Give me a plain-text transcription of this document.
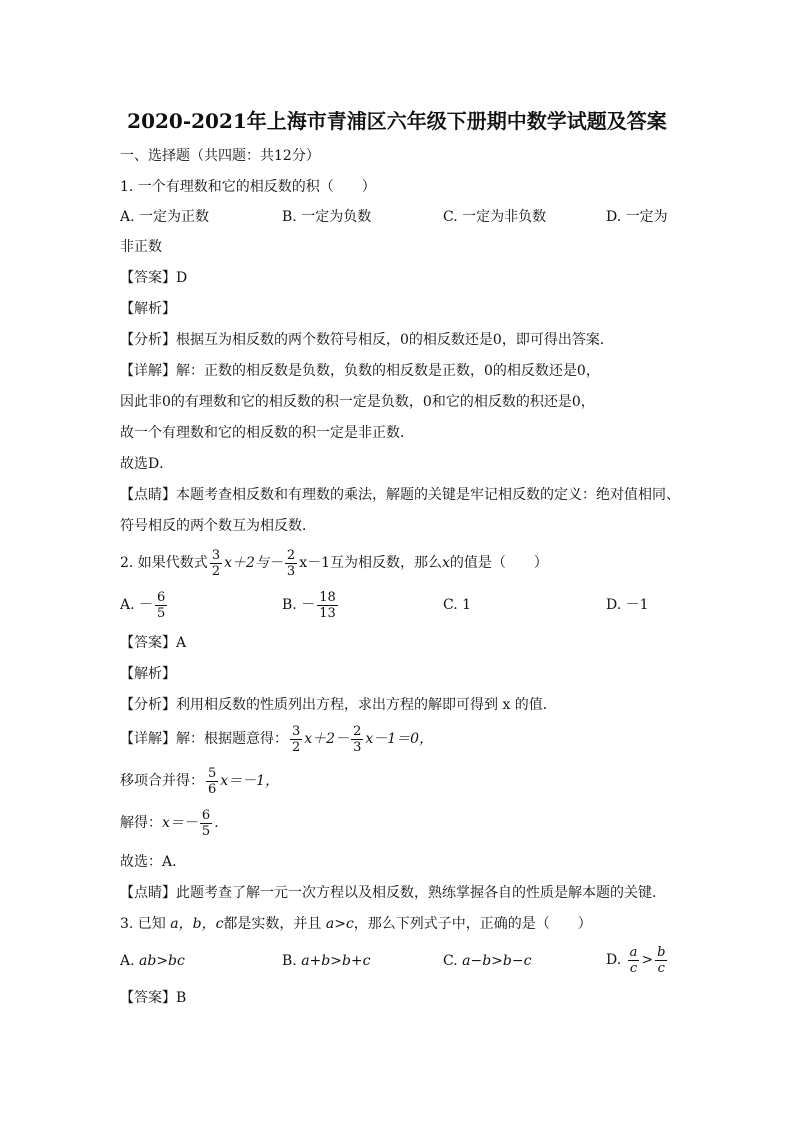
2020-2021年上海市青浦区六年级下册期中数学试题及答案
一、选择题（共四题：共12分）
1. 一个有理数和它的相反数的积（　　）
A. 一定为正数	B. 一定为负数	C. 一定为非负数	D. 一定为
非正数
【答案】D
【解析】
【分析】根据互为相反数的两个数符号相反，0的相反数还是0，即可得出答案．
【详解】解：正数的相反数是负数，负数的相反数是正数，0的相反数还是0，
因此非0的有理数和它的相反数的积一定是负数，0和它的相反数的积还是0，
故一个有理数和它的相反数的积一定是非正数．
故选D．
【点睛】本题考查相反数和有理数的乘法，解题的关键是牢记相反数的定义：绝对值相同、
符号相反的两个数互为相反数．
2. 如果代数式 $\frac{3}{2} x+2$与－ $\frac{2}{3} x-1$互为相反数，那么x的值是（　　）
A. － $\frac{6}{5}$	B. － $\frac{18}{13}$	C. 1	D. －1
【答案】A
【解析】
【分析】利用相反数的性质列出方程，求出方程的解即可得到 x 的值．
【详解】解：根据题意得： $\frac{3}{2} x+2- \frac{2}{3} x-1=0$，
移项合并得： $\frac{5}{6} x=-1$，
解得：$x=- \frac{6}{5}$ ．
故选：A．
【点睛】此题考查了解一元一次方程以及相反数，熟练掌握各自的性质是解本题的关键．
3. 已知 a，b，c都是实数，并且 a>c，那么下列式子中，正确的是（　　）
A. ab>bc	B. a+b>b+c	C. a−b>b−c	D. $\frac{a}{c} > \frac{b}{c}$
【答案】B
